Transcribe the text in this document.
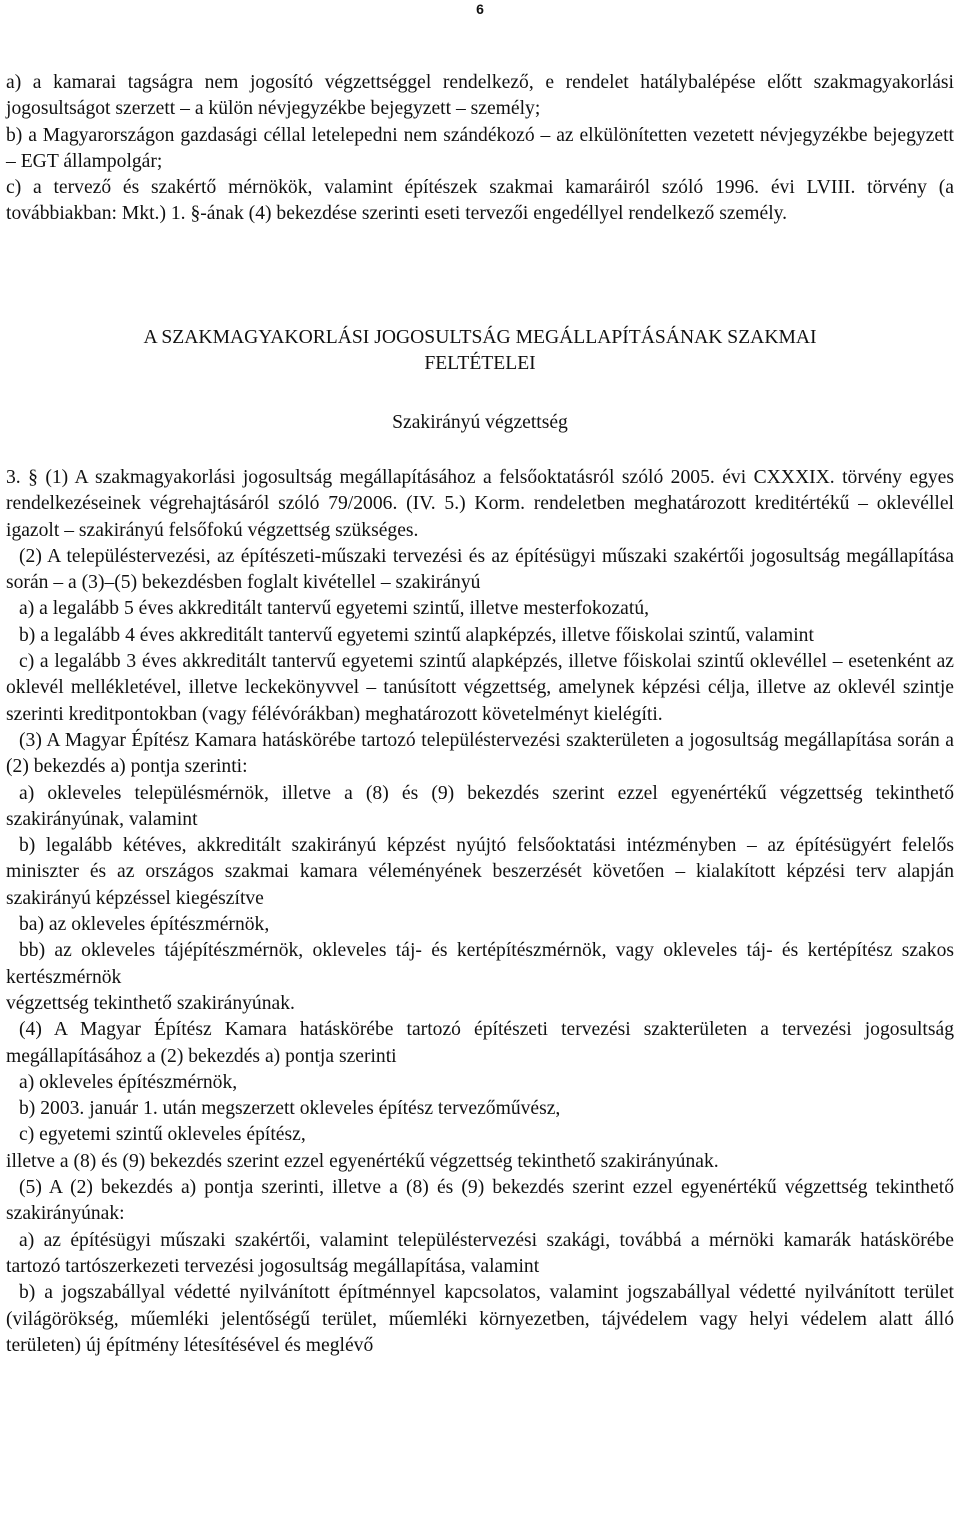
6

a) a kamarai tagságra nem jogosító végzettséggel rendelkező, e rendelet hatálybalépése előtt szakmagyakorlási jogosultságot szerzett – a külön névjegyzékbe bejegyzett – személy;

b) a Magyarországon gazdasági céllal letelepedni nem szándékozó – az elkülönítetten vezetett névjegyzékbe bejegyzett – EGT állampolgár;

c) a tervező és szakértő mérnökök, valamint építészek szakmai kamaráiról szóló 1996. évi LVIII. törvény (a továbbiakban: Mkt.) 1. §-ának (4) bekezdése szerinti eseti tervezői engedéllyel rendelkező személy.

A SZAKMAGYAKORLÁSI JOGOSULTSÁG MEGÁLLAPÍTÁSÁNAK SZAKMAI

FELTÉTELEI

Szakirányú végzettség

3. § (1) A szakmagyakorlási jogosultság megállapításához a felsőoktatásról szóló 2005. évi CXXXIX. törvény egyes rendelkezéseinek végrehajtásáról szóló 79/2006. (IV. 5.) Korm. rendeletben meghatározott kreditértékű – oklevéllel igazolt – szakirányú felsőfokú végzettség szükséges.

(2) A településtervezési, az építészeti-műszaki tervezési és az építésügyi műszaki szakértői jogosultság megállapítása során – a (3)–(5) bekezdésben foglalt kivétellel – szakirányú

a) a legalább 5 éves akkreditált tantervű egyetemi szintű, illetve mesterfokozatú,

b) a legalább 4 éves akkreditált tantervű egyetemi szintű alapképzés, illetve főiskolai szintű, valamint

c) a legalább 3 éves akkreditált tantervű egyetemi szintű alapképzés, illetve főiskolai szintű oklevéllel – esetenként az oklevél mellékletével, illetve leckekönyvvel – tanúsított végzettség, amelynek képzési célja, illetve az oklevél szintje szerinti kreditpontokban (vagy félévórákban) meghatározott követelményt kielégíti.

(3) A Magyar Építész Kamara hatáskörébe tartozó településtervezési szakterületen a jogosultság megállapítása során a (2) bekezdés a) pontja szerinti:

a) okleveles településmérnök, illetve a (8) és (9) bekezdés szerint ezzel egyenértékű végzettség tekinthető szakirányúnak, valamint

b) legalább kétéves, akkreditált szakirányú képzést nyújtó felsőoktatási intézményben – az építésügyért felelős miniszter és az országos szakmai kamara véleményének beszerzését követően – kialakított képzési terv alapján szakirányú képzéssel kiegészítve

ba) az okleveles építészmérnök,

bb) az okleveles tájépítészmérnök, okleveles táj- és kertépítészmérnök, vagy okleveles táj- és kertépítész szakos kertészmérnök

végzettség tekinthető szakirányúnak.

(4) A Magyar Építész Kamara hatáskörébe tartozó építészeti tervezési szakterületen a tervezési jogosultság megállapításához a (2) bekezdés a) pontja szerinti

a) okleveles építészmérnök,

b) 2003. január 1. után megszerzett okleveles építész tervezőművész,

c) egyetemi szintű okleveles építész,

illetve a (8) és (9) bekezdés szerint ezzel egyenértékű végzettség tekinthető szakirányúnak.

(5) A (2) bekezdés a) pontja szerinti, illetve a (8) és (9) bekezdés szerint ezzel egyenértékű végzettség tekinthető szakirányúnak:

a) az építésügyi műszaki szakértői, valamint településtervezési szakági, továbbá a mérnöki kamarák hatáskörébe tartozó tartószerkezeti tervezési jogosultság megállapítása, valamint

b) a jogszabállyal védetté nyilvánított építménnyel kapcsolatos, valamint jogszabállyal védetté nyilvánított terület (világörökség, műemléki jelentőségű terület, műemléki környezetben, tájvédelem vagy helyi védelem alatt álló területen) új építmény létesítésével és meglévő
